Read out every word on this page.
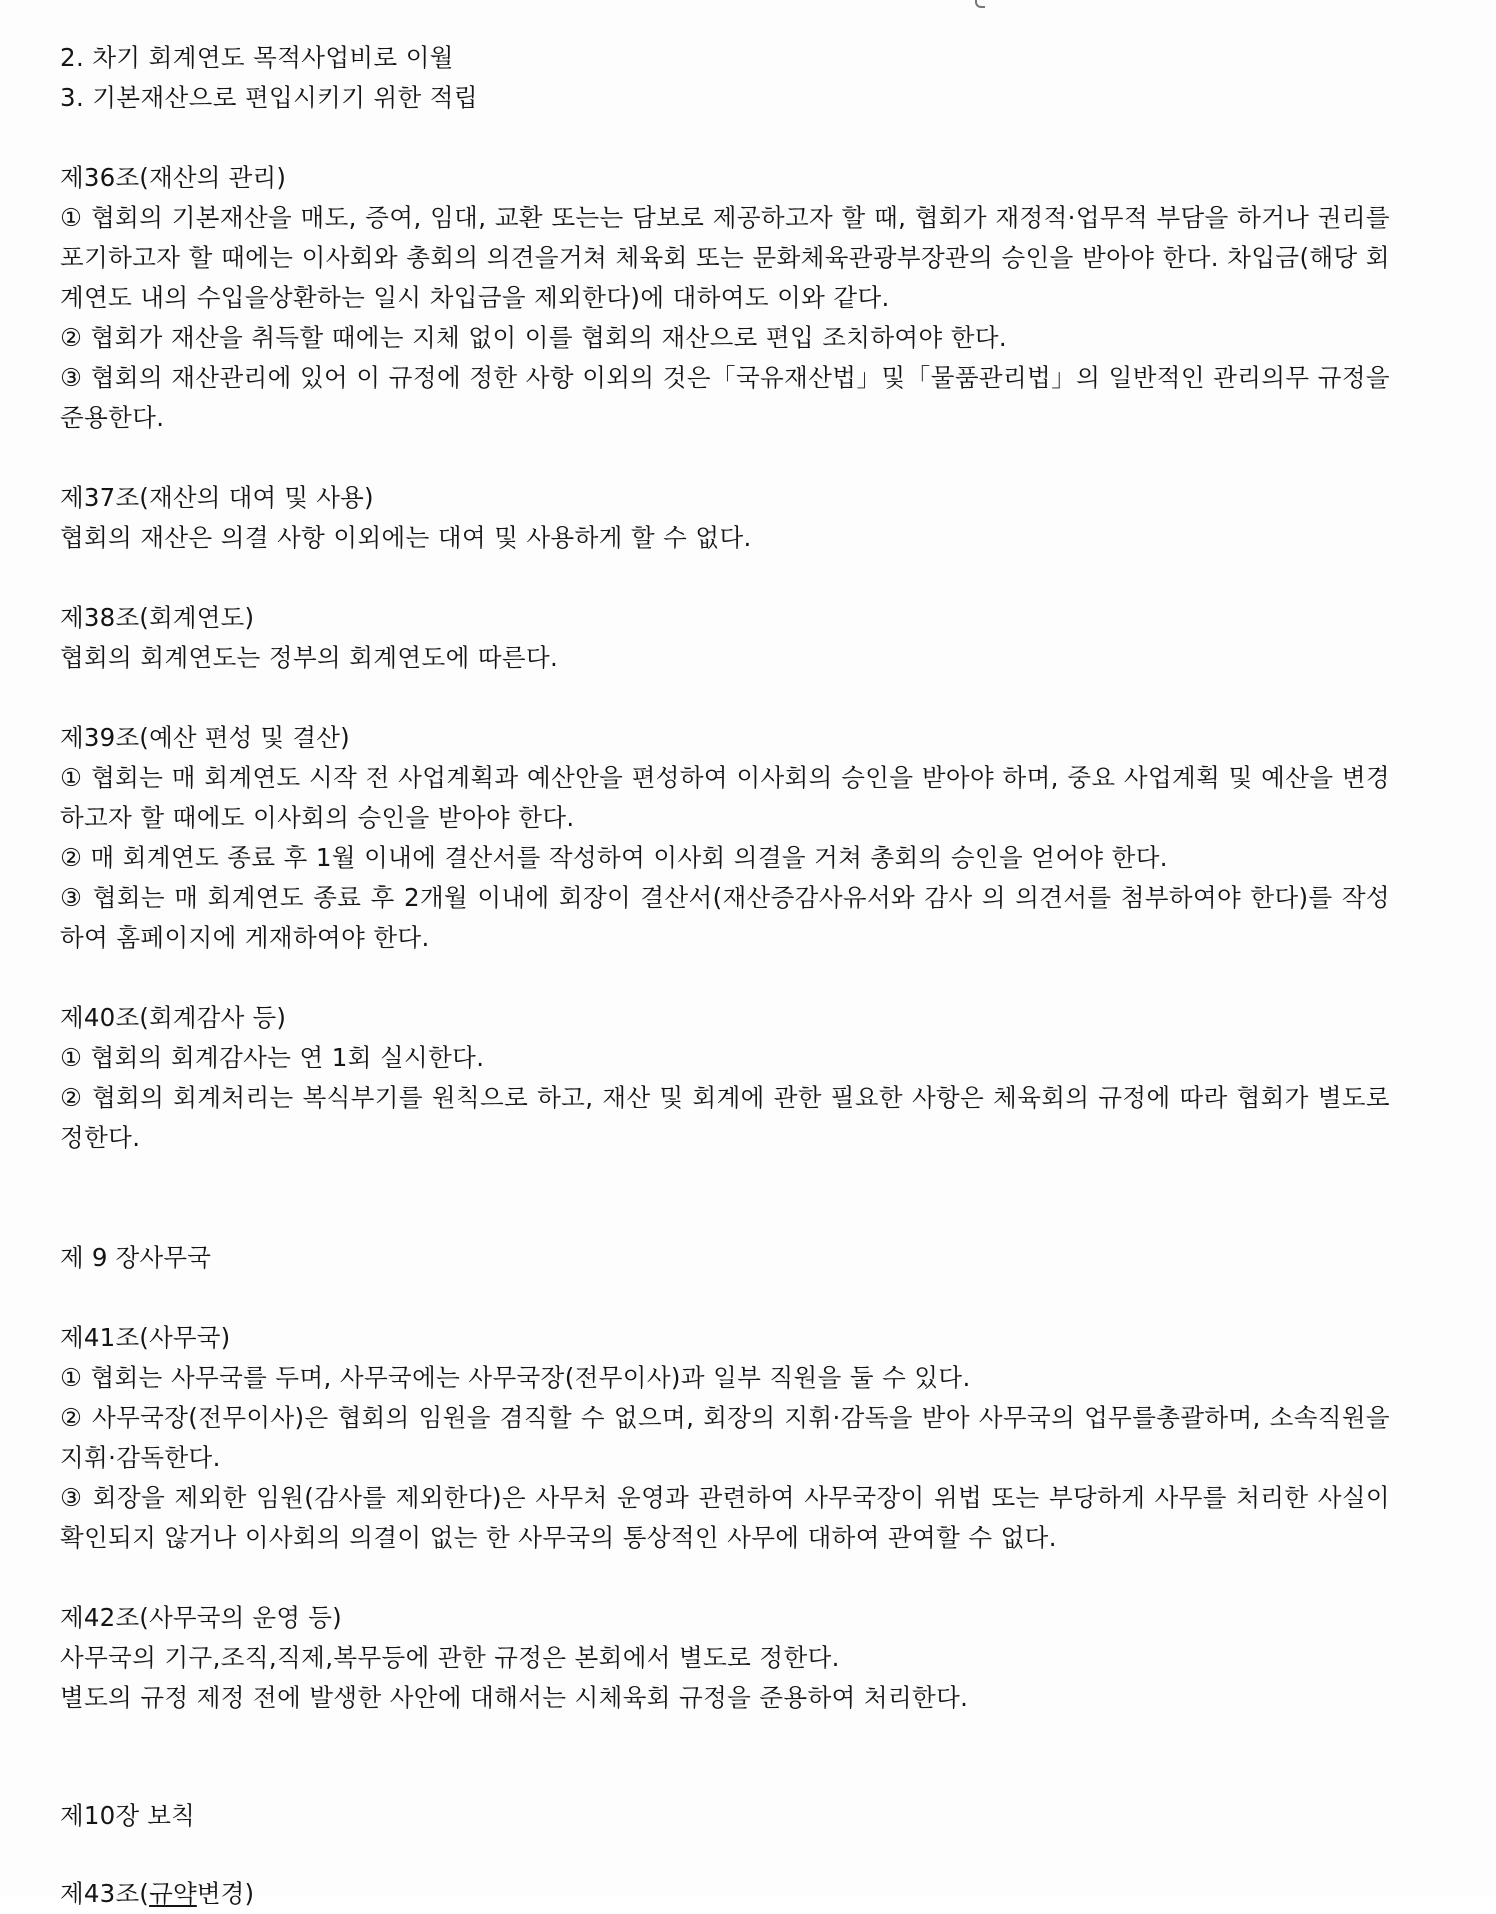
2. 차기 회계연도 목적사업비로 이월
3. 기본재산으로 편입시키기 위한 적립
제36조(재산의 관리)
① 협회의 기본재산을 매도, 증여, 임대, 교환 또는는 담보로 제공하고자 할 때, 협회가 재정적·업무적 부담을 하거나 권리를 포기하고자 할 때에는 이사회와 총회의 의견을거쳐 체육회 또는 문화체육관광부장관의 승인을 받아야 한다. 차입금(해당 회계연도 내의 수입을상환하는 일시 차입금을 제외한다)에 대하여도 이와 같다.
② 협회가 재산을 취득할 때에는 지체 없이 이를 협회의 재산으로 편입 조치하여야 한다.
③ 협회의 재산관리에 있어 이 규정에 정한 사항 이외의 것은「국유재산법」및「물품관리법」의 일반적인 관리의무 규정을 준용한다.
제37조(재산의 대여 및 사용)
협회의 재산은 의결 사항 이외에는 대여 및 사용하게 할 수 없다.
제38조(회계연도)
협회의 회계연도는 정부의 회계연도에 따른다.
제39조(예산 편성 및 결산)
① 협회는 매 회계연도 시작 전 사업계획과 예산안을 편성하여 이사회의 승인을 받아야 하며, 중요 사업계획 및 예산을 변경하고자 할 때에도 이사회의 승인을 받아야 한다.
② 매 회계연도 종료 후 1월 이내에 결산서를 작성하여 이사회 의결을 거쳐 총회의 승인을 얻어야 한다.
③ 협회는 매 회계연도 종료 후 2개월 이내에 회장이 결산서(재산증감사유서와 감사 의 의견서를 첨부하여야 한다)를 작성하여 홈페이지에 게재하여야 한다.
제40조(회계감사 등)
① 협회의 회계감사는 연 1회 실시한다.
② 협회의 회계처리는 복식부기를 원칙으로 하고, 재산 및 회계에 관한 필요한 사항은 체육회의 규정에 따라 협회가 별도로 정한다.
제 9 장사무국
제41조(사무국)
① 협회는 사무국를 두며, 사무국에는 사무국장(전무이사)과 일부 직원을 둘 수 있다.
② 사무국장(전무이사)은 협회의 임원을 겸직할 수 없으며, 회장의 지휘·감독을 받아 사무국의 업무를총괄하며, 소속직원을 지휘·감독한다.
③ 회장을 제외한 임원(감사를 제외한다)은 사무처 운영과 관련하여 사무국장이 위법 또는 부당하게 사무를 처리한 사실이 확인되지 않거나 이사회의 의결이 없는 한 사무국의 통상적인 사무에 대하여 관여할 수 없다.
제42조(사무국의 운영 등)
사무국의 기구,조직,직제,복무등에 관한 규정은 본회에서 별도로 정한다.
별도의 규정 제정 전에 발생한 사안에 대해서는 시체육회 규정을 준용하여 처리한다.
제10장 보칙
제43조(규약변경)
